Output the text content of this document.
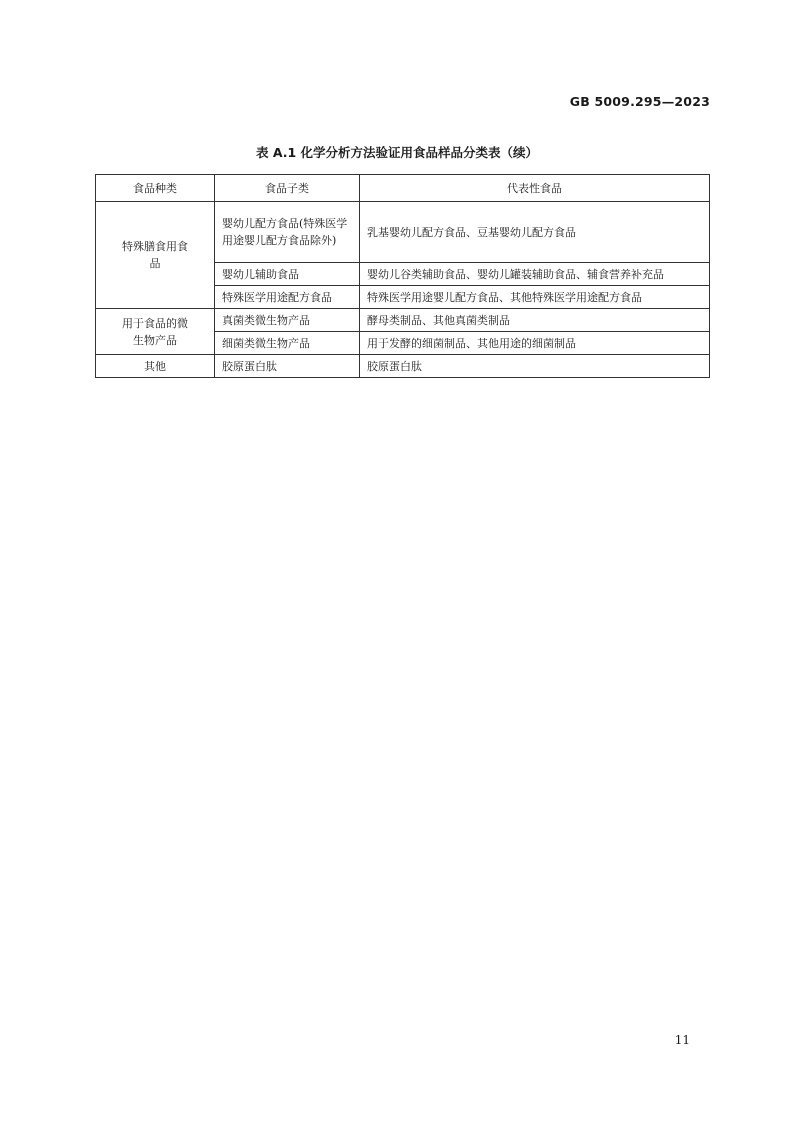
GB 5009.295—2023
表 A.1 化学分析方法验证用食品样品分类表（续）
食品种类	食品子类	代表性食品
特殊膳食用食品	婴幼儿配方食品(特殊医学用途婴儿配方食品除外)	乳基婴幼儿配方食品、豆基婴幼儿配方食品
	婴幼儿辅助食品	婴幼儿谷类辅助食品、婴幼儿罐装辅助食品、辅食营养补充品
	特殊医学用途配方食品	特殊医学用途婴儿配方食品、其他特殊医学用途配方食品
用于食品的微生物产品	真菌类微生物产品	酵母类制品、其他真菌类制品
	细菌类微生物产品	用于发酵的细菌制品、其他用途的细菌制品
其他	胶原蛋白肽	胶原蛋白肽
11
